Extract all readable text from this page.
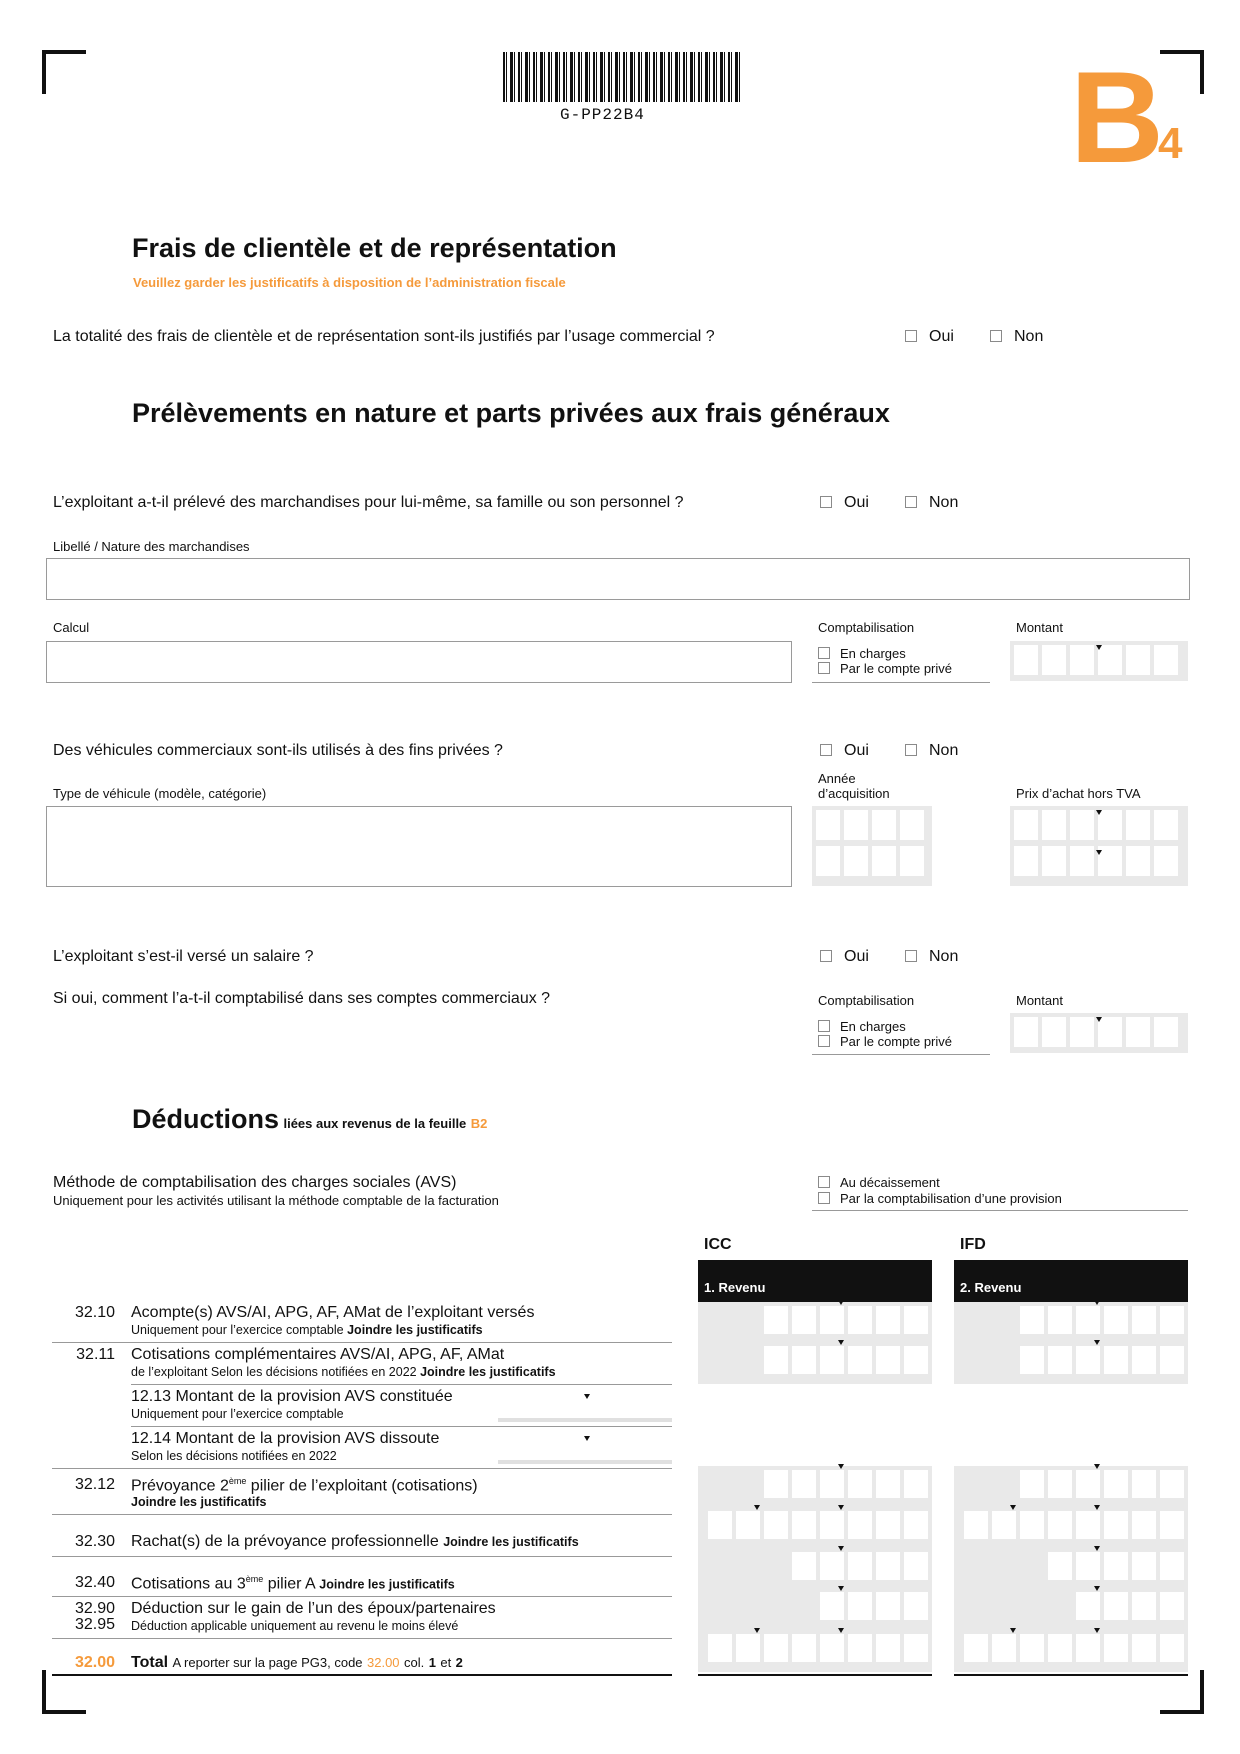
G-PP22B4	B
4
Frais de clientèle et de représentation
Veuillez garder les justificatifs à disposition de l’administration fiscale
La totalité des frais de clientèle et de représentation sont-ils justifiés par l’usage commercial ?	Oui	Non
Prélèvements en nature et parts privées aux frais généraux
L’exploitant a-t-il prélevé des marchandises pour lui-même, sa famille ou son personnel ?	Oui	Non
Libellé / Nature des marchandises
Calcul	Comptabilisation	Montant
En charges
Par le compte privé
Des véhicules commerciaux sont-ils utilisés à des fins privées ?	Oui	Non
Type de véhicule (modèle, catégorie)
Année
d’acquisition	Prix d’achat hors TVA
L’exploitant s’est-il versé un salaire ?	Oui	Non
Si oui, comment l’a-t-il comptabilisé dans ses comptes commerciaux ?	Comptabilisation	Montant
En charges
Par le compte privé
Déductions liées aux revenus de la feuille B2
Méthode de comptabilisation des charges sociales (AVS)
Uniquement pour les activités utilisant la méthode comptable de la facturation
Au décaissement
Par la comptabilisation d’une provision
ICC	IFD
1. Revenu	2. Revenu
32.10 Acompte(s) AVS/AI, APG, AF, AMat de l’exploitant versés
Uniquement pour l’exercice comptable Joindre les justificatifs
32.11 Cotisations complémentaires AVS/AI, APG, AF, AMat
de l’exploitant Selon les décisions notifiées en 2022 Joindre les justificatifs
12.13 Montant de la provision AVS constituée
Uniquement pour l’exercice comptable
12.14 Montant de la provision AVS dissoute
Selon les décisions notifiées en 2022
32.12 Prévoyance 2ème pilier de l’exploitant (cotisations)
Joindre les justificatifs
32.30 Rachat(s) de la prévoyance professionnelle Joindre les justificatifs
32.40 Cotisations au 3ème pilier A Joindre les justificatifs
32.90
32.95
Déduction sur le gain de l’un des époux/partenaires
Déduction applicable uniquement au revenu le moins élevé
32.00 Total A reporter sur la page PG3, code 32.00 col. 1 et 2
